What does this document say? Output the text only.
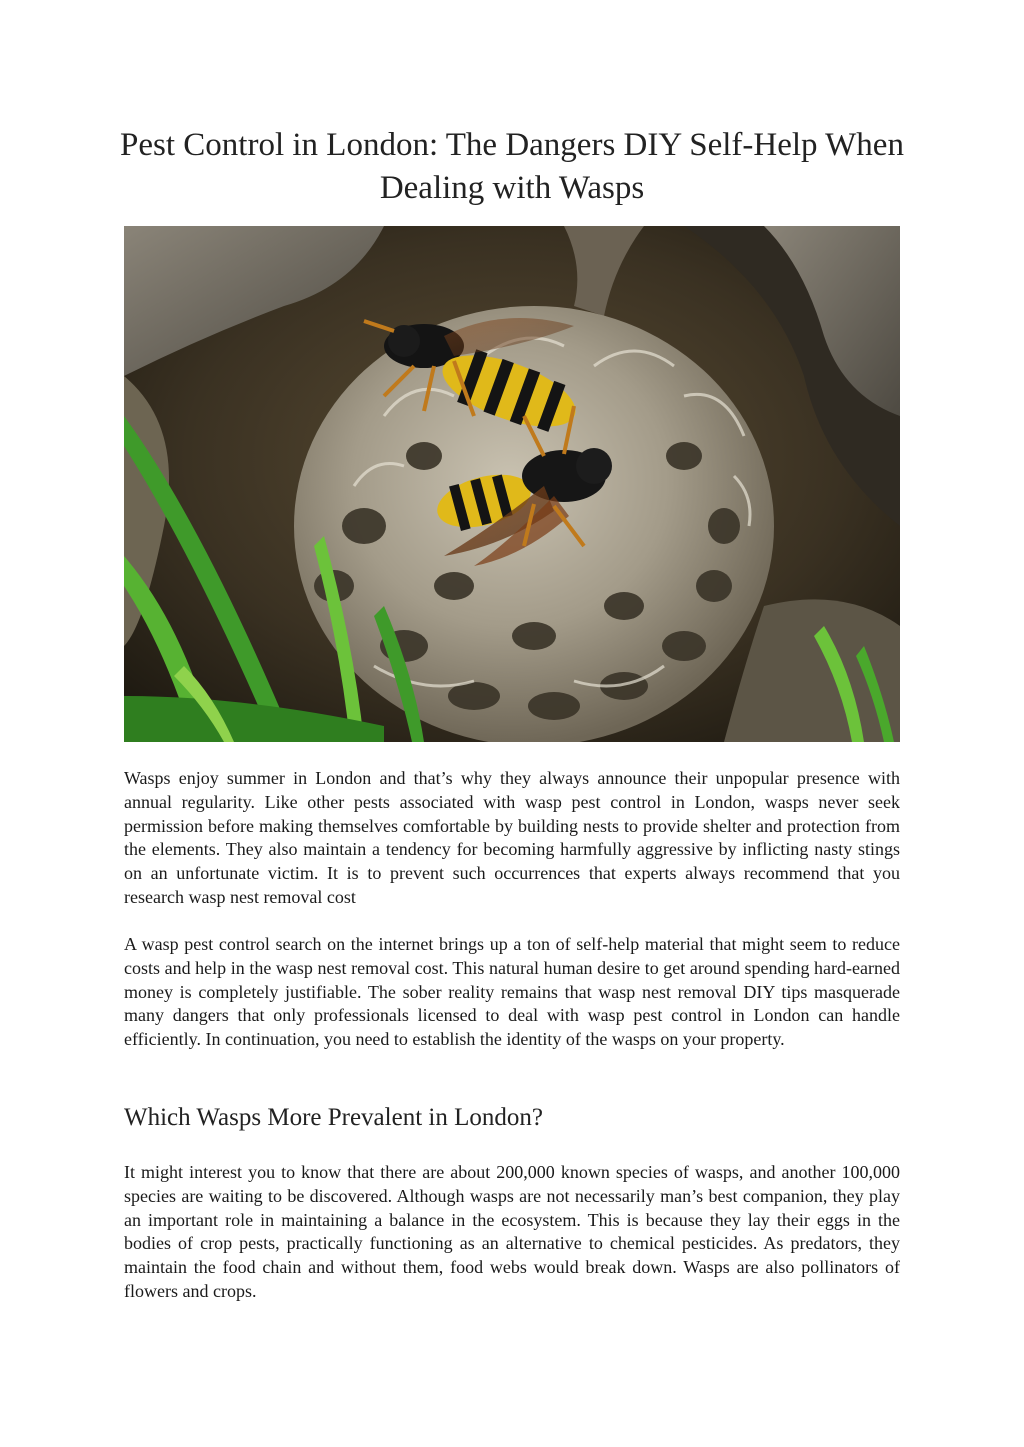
Pest Control in London: The Dangers DIY Self-Help When Dealing with Wasps

Wasps enjoy summer in London and that’s why they always announce their unpopular presence with annual regularity. Like other pests associated with wasp pest control in London, wasps never seek permission before making themselves comfortable by building nests to provide shelter and protection from the elements. They also maintain a tendency for becoming harmfully aggressive by inflicting nasty stings on an unfortunate victim. It is to prevent such occurrences that experts always recommend that you research wasp nest removal cost

A wasp pest control search on the internet brings up a ton of self-help material that might seem to reduce costs and help in the wasp nest removal cost. This natural human desire to get around spending hard-earned money is completely justifiable. The sober reality remains that wasp nest removal DIY tips masquerade many dangers that only professionals licensed to deal with wasp pest control in London can handle efficiently. In continuation, you need to establish the identity of the wasps on your property.

Which Wasps More Prevalent in London?

It might interest you to know that there are about 200,000 known species of wasps, and another 100,000 species are waiting to be discovered. Although wasps are not necessarily man’s best companion, they play an important role in maintaining a balance in the ecosystem. This is because they lay their eggs in the bodies of crop pests, practically functioning as an alternative to chemical pesticides. As predators, they maintain the food chain and without them, food webs would break down. Wasps are also pollinators of flowers and crops.
